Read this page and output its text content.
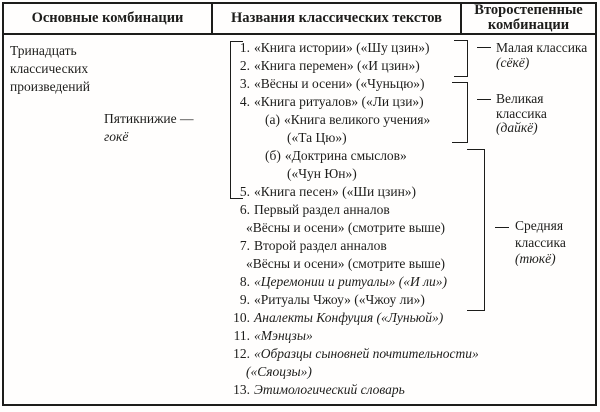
Основные комбинации	Названия классических текстов	Второстепенные комбинации
Тринадцать классических произведений
Пятикнижие —
гокё
1. «Книга истории» («Шу цзин»)
2. «Книга перемен» («И цзин»)
3. «Вёсны и осени» («Чуньцю»)
4. «Книга ритуалов» («Ли цзи»)
(а) «Книга великого учения»
(«Та Цю»)
(б) «Доктрина смыслов»
(«Чун Юн»)
5. «Книга песен» («Ши цзин»)
6. Первый раздел анналов
«Вёсны и осени» (смотрите выше)
7. Второй раздел анналов
«Вёсны и осени» (смотрите выше)
8. «Церемонии и ритуалы» («И ли»)
9. «Ритуалы Чжоу» («Чжоу ли»)
10. Аналекты Конфуция («Луньюй»)
11. «Мэнцзы»
12. «Образцы сыновней почтительности»
(«Сяоцзы»)
13. Этимологический словарь
Малая классика
(сёкё)
Великая классика
(дайкё)
Средняя классика
(тюкё)
